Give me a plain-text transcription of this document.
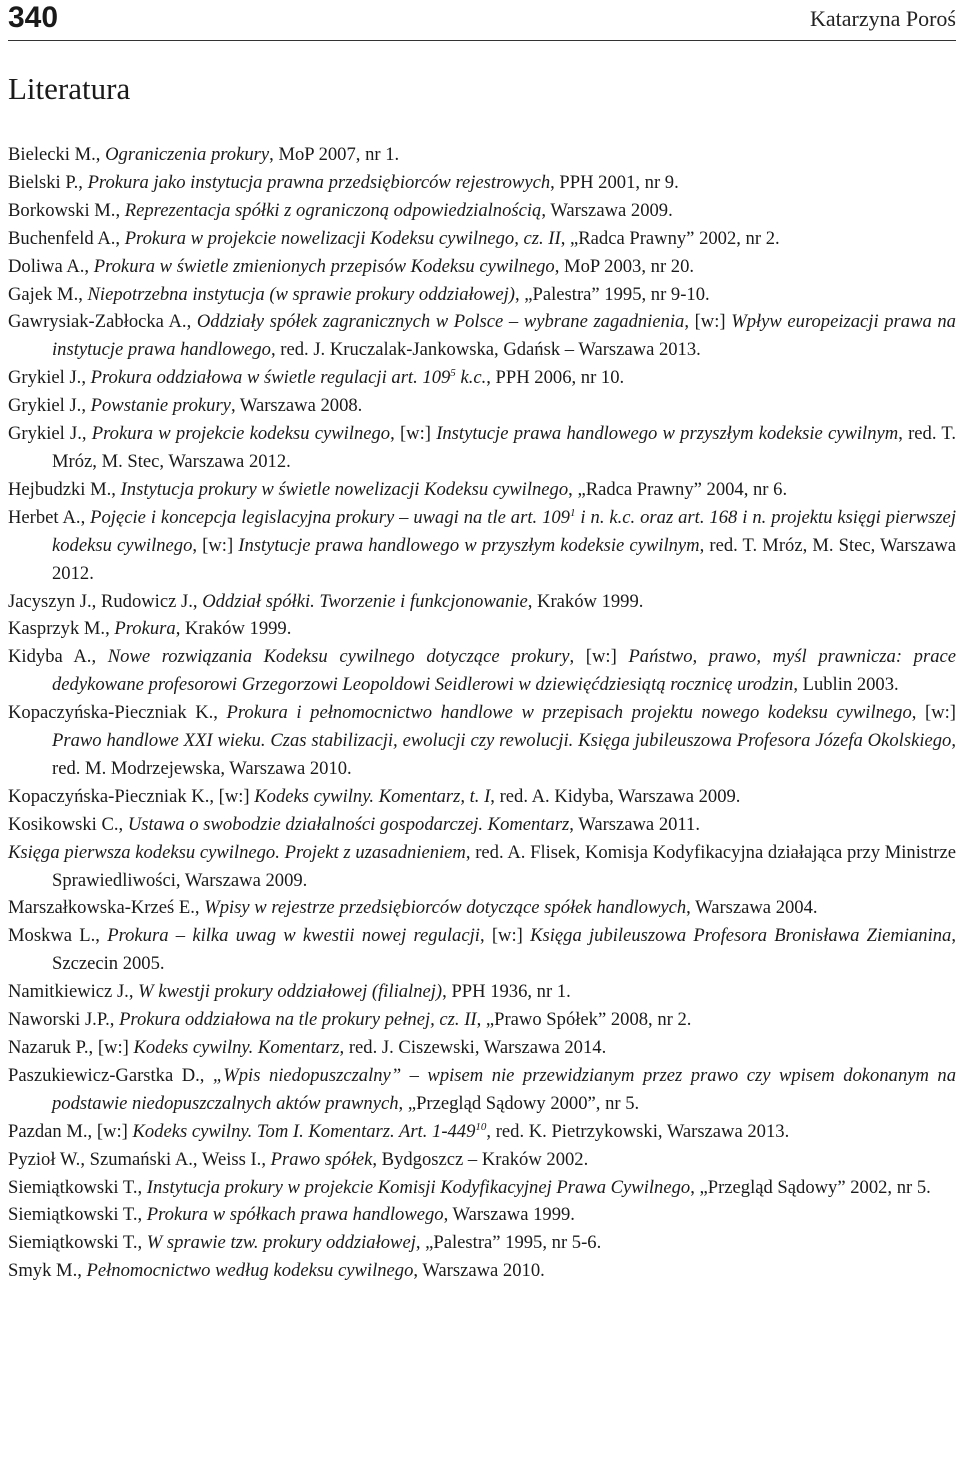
340	Katarzyna Poroś
Literatura
Bielecki M., Ograniczenia prokury, MoP 2007, nr 1.
Bielski P., Prokura jako instytucja prawna przedsiębiorców rejestrowych, PPH 2001, nr 9.
Borkowski M., Reprezentacja spółki z ograniczoną odpowiedzialnością, Warszawa 2009.
Buchenfeld A., Prokura w projekcie nowelizacji Kodeksu cywilnego, cz. II, „Radca Prawny” 2002, nr 2.
Doliwa A., Prokura w świetle zmienionych przepisów Kodeksu cywilnego, MoP 2003, nr 20.
Gajek M., Niepotrzebna instytucja (w sprawie prokury oddziałowej), „Palestra” 1995, nr 9-10.
Gawrysiak-Zabłocka A., Oddziały spółek zagranicznych w Polsce – wybrane zagadnienia, [w:] Wpływ europeizacji prawa na instytucje prawa handlowego, red. J. Kruczalak-Jankowska, Gdańsk – Warszawa 2013.
Grykiel J., Prokura oddziałowa w świetle regulacji art. $109^5$ k.c., PPH 2006, nr 10.
Grykiel J., Powstanie prokury, Warszawa 2008.
Grykiel J., Prokura w projekcie kodeksu cywilnego, [w:] Instytucje prawa handlowego w przyszłym kodeksie cywilnym, red. T. Mróz, M. Stec, Warszawa 2012.
Hejbudzki M., Instytucja prokury w świetle nowelizacji Kodeksu cywilnego, „Radca Prawny” 2004, nr 6.
Herbet A., Pojęcie i koncepcja legislacyjna prokury – uwagi na tle art. $109^1$ i n. k.c. oraz art. 168 i n. projektu księgi pierwszej kodeksu cywilnego, [w:] Instytucje prawa handlowego w przyszłym kodeksie cywilnym, red. T. Mróz, M. Stec, Warszawa 2012.
Jacyszyn J., Rudowicz J., Oddział spółki. Tworzenie i funkcjonowanie, Kraków 1999.
Kasprzyk M., Prokura, Kraków 1999.
Kidyba A., Nowe rozwiązania Kodeksu cywilnego dotyczące prokury, [w:] Państwo, prawo, myśl prawnicza: prace dedykowane profesorowi Grzegorzowi Leopoldowi Seidlerowi w dziewięćdziesiątą rocznicę urodzin, Lublin 2003.
Kopaczyńska-Pieczniak K., Prokura i pełnomocnictwo handlowe w przepisach projektu nowego kodeksu cywilnego, [w:] Prawo handlowe XXI wieku. Czas stabilizacji, ewolucji czy rewolucji. Księga jubileuszowa Profesora Józefa Okolskiego, red. M. Modrzejewska, Warszawa 2010.
Kopaczyńska-Pieczniak K., [w:] Kodeks cywilny. Komentarz, t. I, red. A. Kidyba, Warszawa 2009.
Kosikowski C., Ustawa o swobodzie działalności gospodarczej. Komentarz, Warszawa 2011.
Księga pierwsza kodeksu cywilnego. Projekt z uzasadnieniem, red. A. Flisek, Komisja Kodyfikacyjna działająca przy Ministrze Sprawiedliwości, Warszawa 2009.
Marszałkowska-Krześ E., Wpisy w rejestrze przedsiębiorców dotyczące spółek handlowych, Warszawa 2004.
Moskwa L., Prokura – kilka uwag w kwestii nowej regulacji, [w:] Księga jubileuszowa Profesora Bronisława Ziemianina, Szczecin 2005.
Namitkiewicz J., W kwestji prokury oddziałowej (filialnej), PPH 1936, nr 1.
Naworski J.P., Prokura oddziałowa na tle prokury pełnej, cz. II, „Prawo Spółek” 2008, nr 2.
Nazaruk P., [w:] Kodeks cywilny. Komentarz, red. J. Ciszewski, Warszawa 2014.
Paszukiewicz-Garstka D., „Wpis niedopuszczalny” – wpisem nie przewidzianym przez prawo czy wpisem dokonanym na podstawie niedopuszczalnych aktów prawnych, „Przegląd Sądowy 2000”, nr 5.
Pazdan M., [w:] Kodeks cywilny. Tom I. Komentarz. Art. $1-449^{10}$, red. K. Pietrzykowski, Warszawa 2013.
Pyzioł W., Szumański A., Weiss I., Prawo spółek, Bydgoszcz – Kraków 2002.
Siemiątkowski T., Instytucja prokury w projekcie Komisji Kodyfikacyjnej Prawa Cywilnego, „Przegląd Sądowy” 2002, nr 5.
Siemiątkowski T., Prokura w spółkach prawa handlowego, Warszawa 1999.
Siemiątkowski T., W sprawie tzw. prokury oddziałowej, „Palestra” 1995, nr 5-6.
Smyk M., Pełnomocnictwo według kodeksu cywilnego, Warszawa 2010.
